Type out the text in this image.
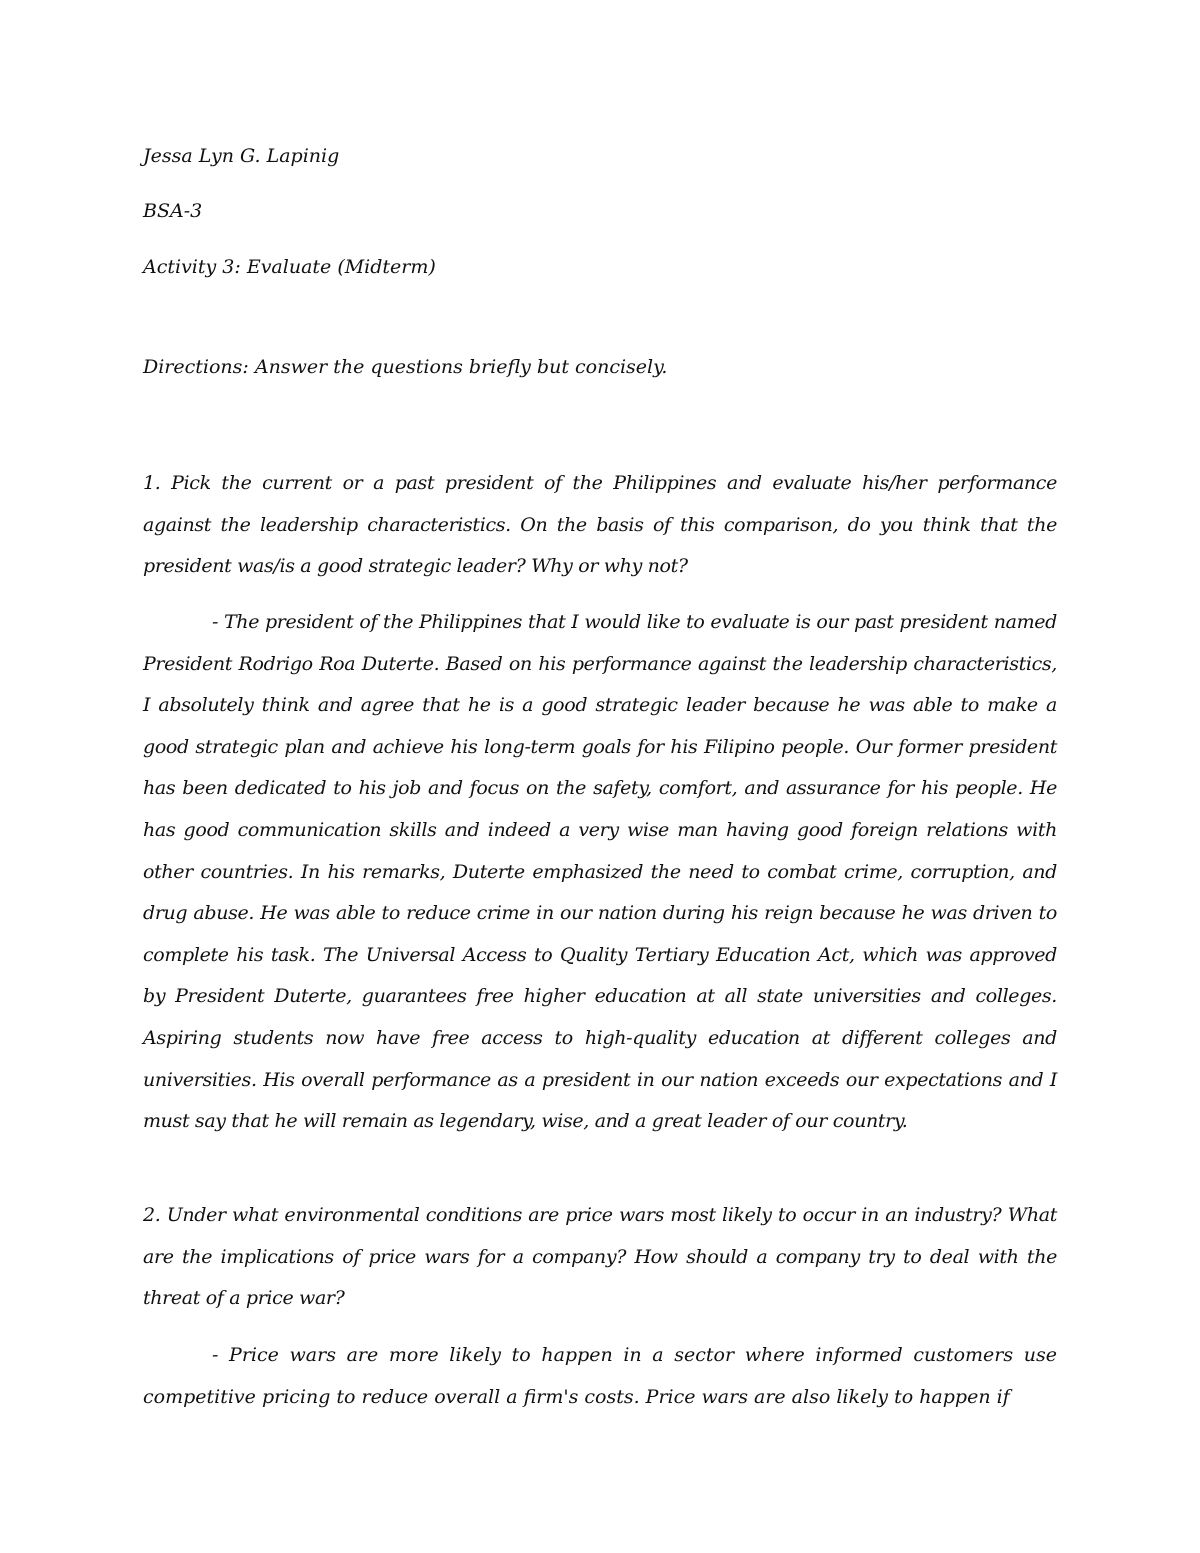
Jessa Lyn G. Lapinig

BSA-3

Activity 3: Evaluate (Midterm)

Directions: Answer the questions briefly but concisely.

1. Pick the current or a past president of the Philippines and evaluate his/her performance against the leadership characteristics. On the basis of this comparison, do you think that the president was/is a good strategic leader? Why or why not?

- The president of the Philippines that I would like to evaluate is our past president named President Rodrigo Roa Duterte. Based on his performance against the leadership characteristics, I absolutely think and agree that he is a good strategic leader because he was able to make a good strategic plan and achieve his long-term goals for his Filipino people. Our former president has been dedicated to his job and focus on the safety, comfort, and assurance for his people. He has good communication skills and indeed a very wise man having good foreign relations with other countries. In his remarks, Duterte emphasized the need to combat crime, corruption, and drug abuse. He was able to reduce crime in our nation during his reign because he was driven to complete his task. The Universal Access to Quality Tertiary Education Act, which was approved by President Duterte, guarantees free higher education at all state universities and colleges. Aspiring students now have free access to high-quality education at different colleges and universities. His overall performance as a president in our nation exceeds our expectations and I must say that he will remain as legendary, wise, and a great leader of our country.

2. Under what environmental conditions are price wars most likely to occur in an industry? What are the implications of price wars for a company? How should a company try to deal with the threat of a price war?

- Price wars are more likely to happen in a sector where informed customers use competitive pricing to reduce overall a firm's costs. Price wars are also likely to happen if
